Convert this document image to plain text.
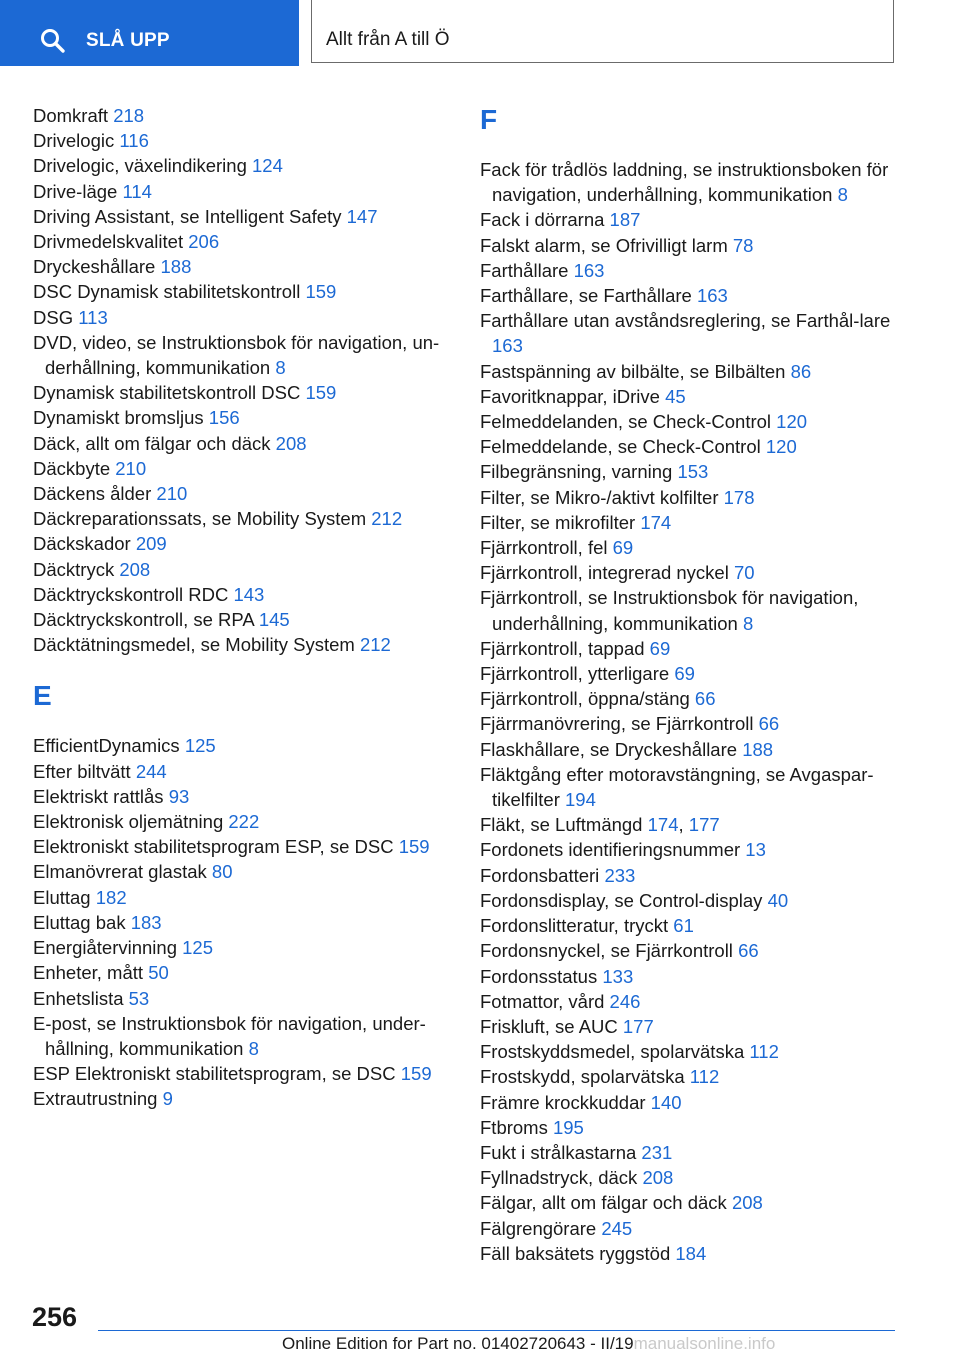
SLÅ UPP	Allt från A till Ö
Domkraft 218
Drivelogic 116
Drivelogic, växelindikering 124
Drive-läge 114
Driving Assistant, se Intelligent Safety 147
Drivmedelskvalitet 206
Dryckeshållare 188
DSC Dynamisk stabilitetskontroll 159
DSG 113
DVD, video, se Instruktionsbok för navigation, un-derhållning, kommunikation 8
Dynamisk stabilitetskontroll DSC 159
Dynamiskt bromsljus 156
Däck, allt om fälgar och däck 208
Däckbyte 210
Däckens ålder 210
Däckreparationssats, se Mobility System 212
Däckskador 209
Däcktryck 208
Däcktryckskontroll RDC 143
Däcktryckskontroll, se RPA 145
Däcktätningsmedel, se Mobility System 212
E
EfficientDynamics 125
Efter biltvätt 244
Elektriskt rattlås 93
Elektronisk oljemätning 222
Elektroniskt stabilitetsprogram ESP, se DSC 159
Elmanövrerat glastak 80
Eluttag 182
Eluttag bak 183
Energiåtervinning 125
Enheter, mått 50
Enhetslista 53
E-post, se Instruktionsbok för navigation, under-hållning, kommunikation 8
ESP Elektroniskt stabilitetsprogram, se DSC 159
Extrautrustning 9
F
Fack för trådlös laddning, se instruktionsboken för navigation, underhållning, kommunikation 8
Fack i dörrarna 187
Falskt alarm, se Ofrivilligt larm 78
Farthållare 163
Farthållare, se Farthållare 163
Farthållare utan avståndsreglering, se Farthål-lare 163
Fastspänning av bilbälte, se Bilbälten 86
Favoritknappar, iDrive 45
Felmeddelanden, se Check-Control 120
Felmeddelande, se Check-Control 120
Filbegränsning, varning 153
Filter, se Mikro-/aktivt kolfilter 178
Filter, se mikrofilter 174
Fjärrkontroll, fel 69
Fjärrkontroll, integrerad nyckel 70
Fjärrkontroll, se Instruktionsbok för navigation, underhållning, kommunikation 8
Fjärrkontroll, tappad 69
Fjärrkontroll, ytterligare 69
Fjärrkontroll, öppna/stäng 66
Fjärrmanövrering, se Fjärrkontroll 66
Flaskhållare, se Dryckeshållare 188
Fläktgång efter motoravstängning, se Avgaspar-tikelfilter 194
Fläkt, se Luftmängd 174, 177
Fordonets identifieringsnummer 13
Fordonsbatteri 233
Fordonsdisplay, se Control-display 40
Fordonslitteratur, tryckt 61
Fordonsnyckel, se Fjärrkontroll 66
Fordonsstatus 133
Fotmattor, vård 246
Friskluft, se AUC 177
Frostskyddsmedel, spolarvätska 112
Frostskydd, spolarvätska 112
Främre krockkuddar 140
Ftbroms 195
Fukt i strålkastarna 231
Fyllnadstryck, däck 208
Fälgar, allt om fälgar och däck 208
Fälgrengörare 245
Fäll baksätets ryggstöd 184
256
Online Edition for Part no. 01402720643 - II/19manualsonline.info
